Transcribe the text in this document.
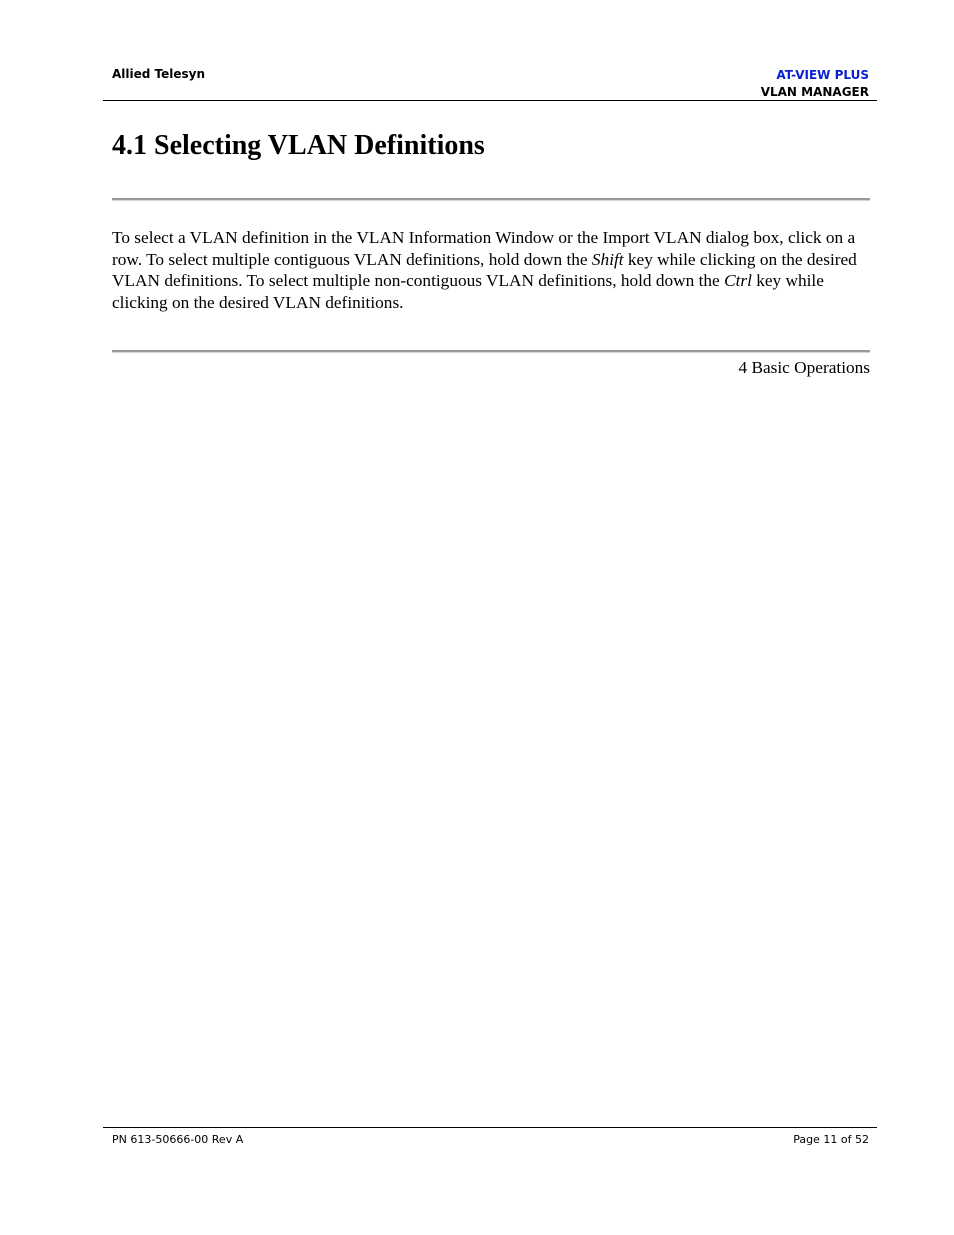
Allied Telesyn	AT-VIEW PLUS
VLAN MANAGER
4.1 Selecting VLAN Definitions

To select a VLAN definition in the VLAN Information Window or the Import VLAN dialog box, click on a row. To select multiple contiguous VLAN definitions, hold down the Shift key while clicking on the desired VLAN definitions. To select multiple non-contiguous VLAN definitions, hold down the Ctrl key while clicking on the desired VLAN definitions.

4 Basic Operations
PN 613-50666-00 Rev A	Page 11 of 52
